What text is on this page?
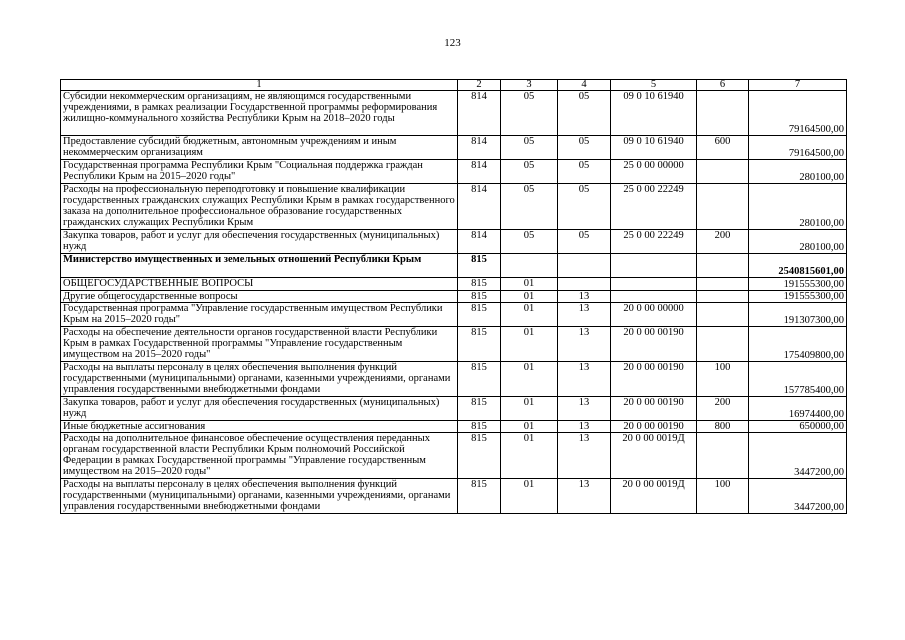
123
1	2	3	4	5	6	7
Субсидии некоммерческим организациям, не являющимся государственными учреждениями, в рамках реализации Государственной программы реформирования жилищно-коммунального хозяйства Республики Крым на 2018–2020 годы	814	05	05	09 0 10 61940		79164500,00
Предоставление субсидий бюджетным, автономным учреждениям и иным некоммерческим организациям	814	05	05	09 0 10 61940	600	79164500,00
Государственная программа Республики Крым "Социальная поддержка граждан Республики Крым на 2015–2020 годы"	814	05	05	25 0 00 00000		280100,00
Расходы на профессиональную переподготовку и повышение квалификации государственных гражданских служащих Республики Крым в рамках государственного заказа на дополнительное профессиональное образование государственных гражданских служащих Республики Крым	814	05	05	25 0 00 22249		280100,00
Закупка товаров, работ и услуг для обеспечения государственных (муниципальных) нужд	814	05	05	25 0 00 22249	200	280100,00
Министерство имущественных и земельных отношений Республики Крым	815					2540815601,00
ОБЩЕГОСУДАРСТВЕННЫЕ ВОПРОСЫ	815	01				191555300,00
Другие общегосударственные вопросы	815	01	13			191555300,00
Государственная программа "Управление государственным имуществом Республики Крым на 2015–2020 годы"	815	01	13	20 0 00 00000		191307300,00
Расходы на обеспечение деятельности органов государственной власти Республики Крым в рамках Государственной программы "Управление государственным имуществом на 2015–2020 годы"	815	01	13	20 0 00 00190		175409800,00
Расходы на выплаты персоналу в целях обеспечения выполнения функций государственными (муниципальными) органами, казенными учреждениями, органами управления государственными внебюджетными фондами	815	01	13	20 0 00 00190	100	157785400,00
Закупка товаров, работ и услуг для обеспечения государственных (муниципальных) нужд	815	01	13	20 0 00 00190	200	16974400,00
Иные бюджетные ассигнования	815	01	13	20 0 00 00190	800	650000,00
Расходы на дополнительное финансовое обеспечение осуществления переданных органам государственной власти Республики Крым полномочий Российской Федерации в рамках Государственной программы "Управление государственным имуществом на 2015–2020 годы"	815	01	13	20 0 00 0019Д		3447200,00
Расходы на выплаты персоналу в целях обеспечения выполнения функций государственными (муниципальными) органами, казенными учреждениями, органами управления государственными внебюджетными фондами	815	01	13	20 0 00 0019Д	100	3447200,00
